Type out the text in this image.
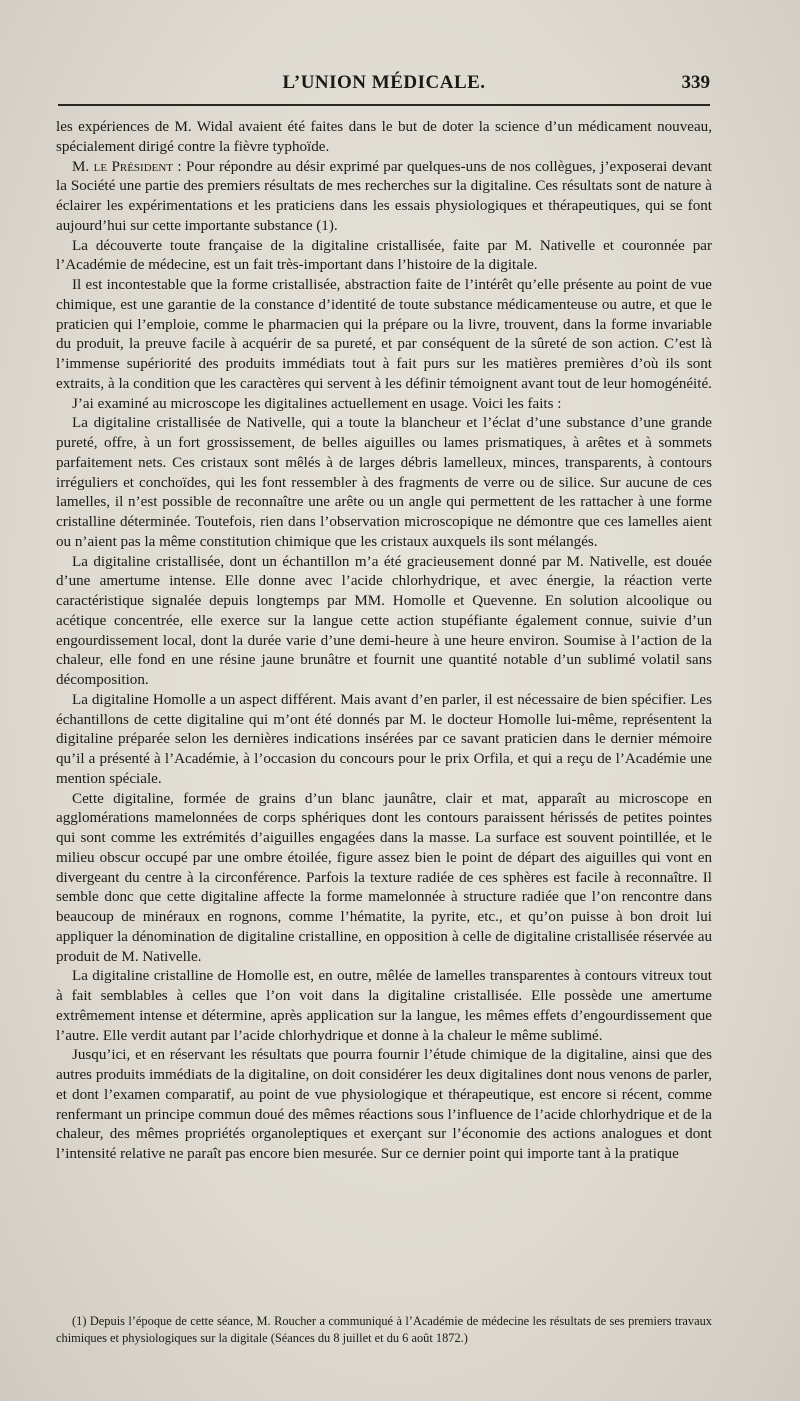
L’UNION MÉDICALE.	339

les expériences de M. Widal avaient été faites dans le but de doter la science d’un médicament nouveau, spécialement dirigé contre la fièvre typhoïde.

M. le Président : Pour répondre au désir exprimé par quelques-uns de nos collègues, j’exposerai devant la Société une partie des premiers résultats de mes recherches sur la digitaline. Ces résultats sont de nature à éclairer les expérimentations et les praticiens dans les essais physiologiques et thérapeutiques, qui se font aujourd’hui sur cette importante substance (1).

La découverte toute française de la digitaline cristallisée, faite par M. Nativelle et couronnée par l’Académie de médecine, est un fait très-important dans l’histoire de la digitale.

Il est incontestable que la forme cristallisée, abstraction faite de l’intérêt qu’elle présente au point de vue chimique, est une garantie de la constance d’identité de toute substance médicamenteuse ou autre, et que le praticien qui l’emploie, comme le pharmacien qui la prépare ou la livre, trouvent, dans la forme invariable du produit, la preuve facile à acquérir de sa pureté, et par conséquent de la sûreté de son action. C’est là l’immense supériorité des produits immédiats tout à fait purs sur les matières premières d’où ils sont extraits, à la condition que les caractères qui servent à les définir témoignent avant tout de leur homogénéité.

J’ai examiné au microscope les digitalines actuellement en usage. Voici les faits :

La digitaline cristallisée de Nativelle, qui a toute la blancheur et l’éclat d’une substance d’une grande pureté, offre, à un fort grossissement, de belles aiguilles ou lames prismatiques, à arêtes et à sommets parfaitement nets. Ces cristaux sont mêlés à de larges débris lamelleux, minces, transparents, à contours irréguliers et conchoïdes, qui les font ressembler à des fragments de verre ou de silice. Sur aucune de ces lamelles, il n’est possible de reconnaître une arête ou un angle qui permettent de les rattacher à une forme cristalline déterminée. Toutefois, rien dans l’observation microscopique ne démontre que ces lamelles aient ou n’aient pas la même constitution chimique que les cristaux auxquels ils sont mélangés.

La digitaline cristallisée, dont un échantillon m’a été gracieusement donné par M. Nativelle, est douée d’une amertume intense. Elle donne avec l’acide chlorhydrique, et avec énergie, la réaction verte caractéristique signalée depuis longtemps par MM. Homolle et Quevenne. En solution alcoolique ou acétique concentrée, elle exerce sur la langue cette action stupéfiante également connue, suivie d’un engourdissement local, dont la durée varie d’une demi-heure à une heure environ. Soumise à l’action de la chaleur, elle fond en une résine jaune brunâtre et fournit une quantité notable d’un sublimé volatil sans décomposition.

La digitaline Homolle a un aspect différent. Mais avant d’en parler, il est nécessaire de bien spécifier. Les échantillons de cette digitaline qui m’ont été donnés par M. le docteur Homolle lui-même, représentent la digitaline préparée selon les dernières indications insérées par ce savant praticien dans le dernier mémoire qu’il a présenté à l’Académie, à l’occasion du concours pour le prix Orfila, et qui a reçu de l’Académie une mention spéciale.

Cette digitaline, formée de grains d’un blanc jaunâtre, clair et mat, apparaît au microscope en agglomérations mamelonnées de corps sphériques dont les contours paraissent hérissés de petites pointes qui sont comme les extrémités d’aiguilles engagées dans la masse. La surface est souvent pointillée, et le milieu obscur occupé par une ombre étoilée, figure assez bien le point de départ des aiguilles qui vont en divergeant du centre à la circonférence. Parfois la texture radiée de ces sphères est facile à reconnaître. Il semble donc que cette digitaline affecte la forme mamelonnée à structure radiée que l’on rencontre dans beaucoup de minéraux en rognons, comme l’hématite, la pyrite, etc., et qu’on puisse à bon droit lui appliquer la dénomination de digitaline cristalline, en opposition à celle de digitaline cristallisée réservée au produit de M. Nativelle.

La digitaline cristalline de Homolle est, en outre, mêlée de lamelles transparentes à contours vitreux tout à fait semblables à celles que l’on voit dans la digitaline cristallisée. Elle possède une amertume extrêmement intense et détermine, après application sur la langue, les mêmes effets d’engourdissement que l’autre. Elle verdit autant par l’acide chlorhydrique et donne à la chaleur le même sublimé.

Jusqu’ici, et en réservant les résultats que pourra fournir l’étude chimique de la digitaline, ainsi que des autres produits immédiats de la digitaline, on doit considérer les deux digitalines dont nous venons de parler, et dont l’examen comparatif, au point de vue physiologique et thérapeutique, est encore si récent, comme renfermant un principe commun doué des mêmes réactions sous l’influence de l’acide chlorhydrique et de la chaleur, des mêmes propriétés organoleptiques et exerçant sur l’économie des actions analogues et dont l’intensité relative ne paraît pas encore bien mesurée. Sur ce dernier point qui importe tant à la pratique

(1) Depuis l’époque de cette séance, M. Roucher a communiqué à l’Académie de médecine les résultats de ses premiers travaux chimiques et physiologiques sur la digitale (Séances du 8 juillet et du 6 août 1872.)
